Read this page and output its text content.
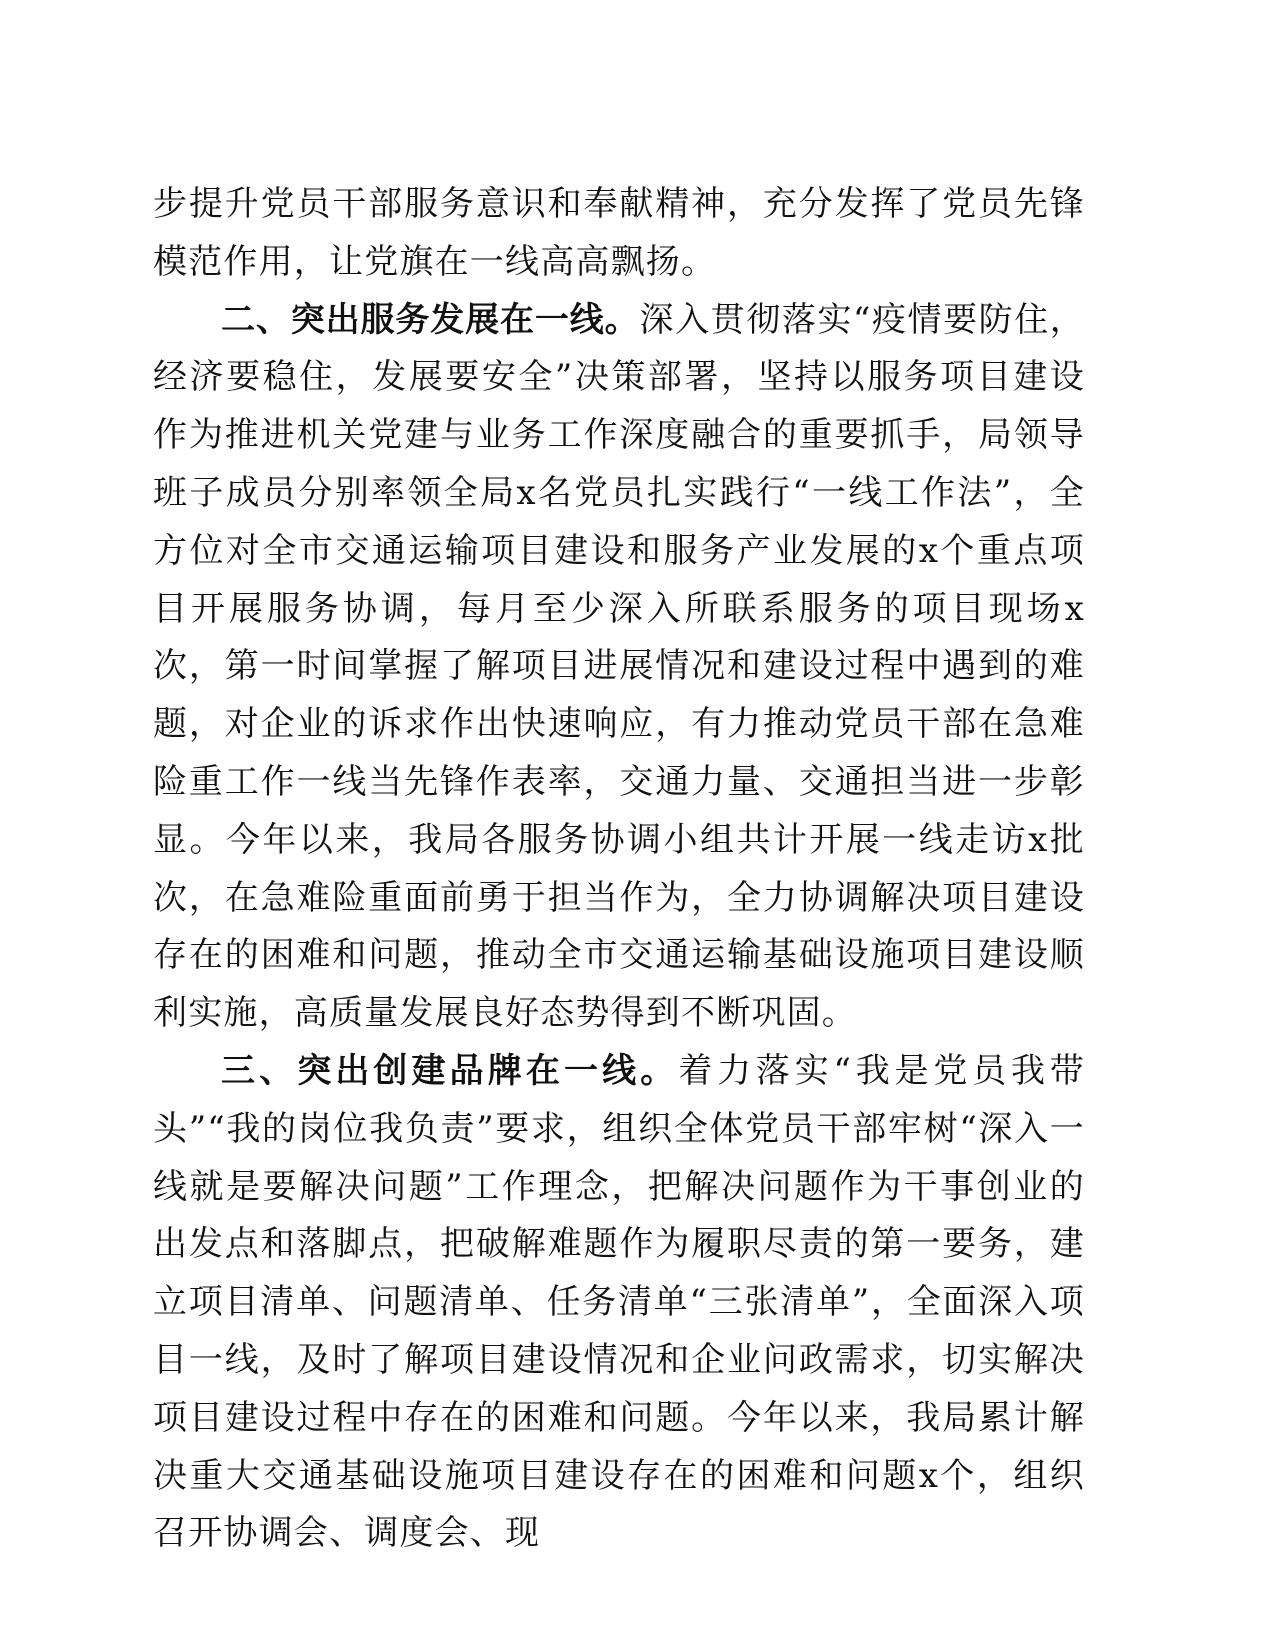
步提升党员干部服务意识和奉献精神，充分发挥了党员先锋模范作用，让党旗在一线高高飘扬。

二、突出服务发展在一线。深入贯彻落实“疫情要防住，经济要稳住，发展要安全”决策部署，坚持以服务项目建设作为推进机关党建与业务工作深度融合的重要抓手，局领导班子成员分别率领全局x名党员扎实践行“一线工作法”，全方位对全市交通运输项目建设和服务产业发展的x个重点项目开展服务协调，每月至少深入所联系服务的项目现场x次，第一时间掌握了解项目进展情况和建设过程中遇到的难题，对企业的诉求作出快速响应，有力推动党员干部在急难险重工作一线当先锋作表率，交通力量、交通担当进一步彰显。今年以来，我局各服务协调小组共计开展一线走访x批次，在急难险重面前勇于担当作为，全力协调解决项目建设存在的困难和问题，推动全市交通运输基础设施项目建设顺利实施，高质量发展良好态势得到不断巩固。

三、突出创建品牌在一线。着力落实“我是党员我带头”“我的岗位我负责”要求，组织全体党员干部牢树“深入一线就是要解决问题”工作理念，把解决问题作为干事创业的出发点和落脚点，把破解难题作为履职尽责的第一要务，建立项目清单、问题清单、任务清单“三张清单”，全面深入项目一线，及时了解项目建设情况和企业问政需求，切实解决项目建设过程中存在的困难和问题。今年以来，我局累计解决重大交通基础设施项目建设存在的困难和问题x个，组织召开协调会、调度会、现
